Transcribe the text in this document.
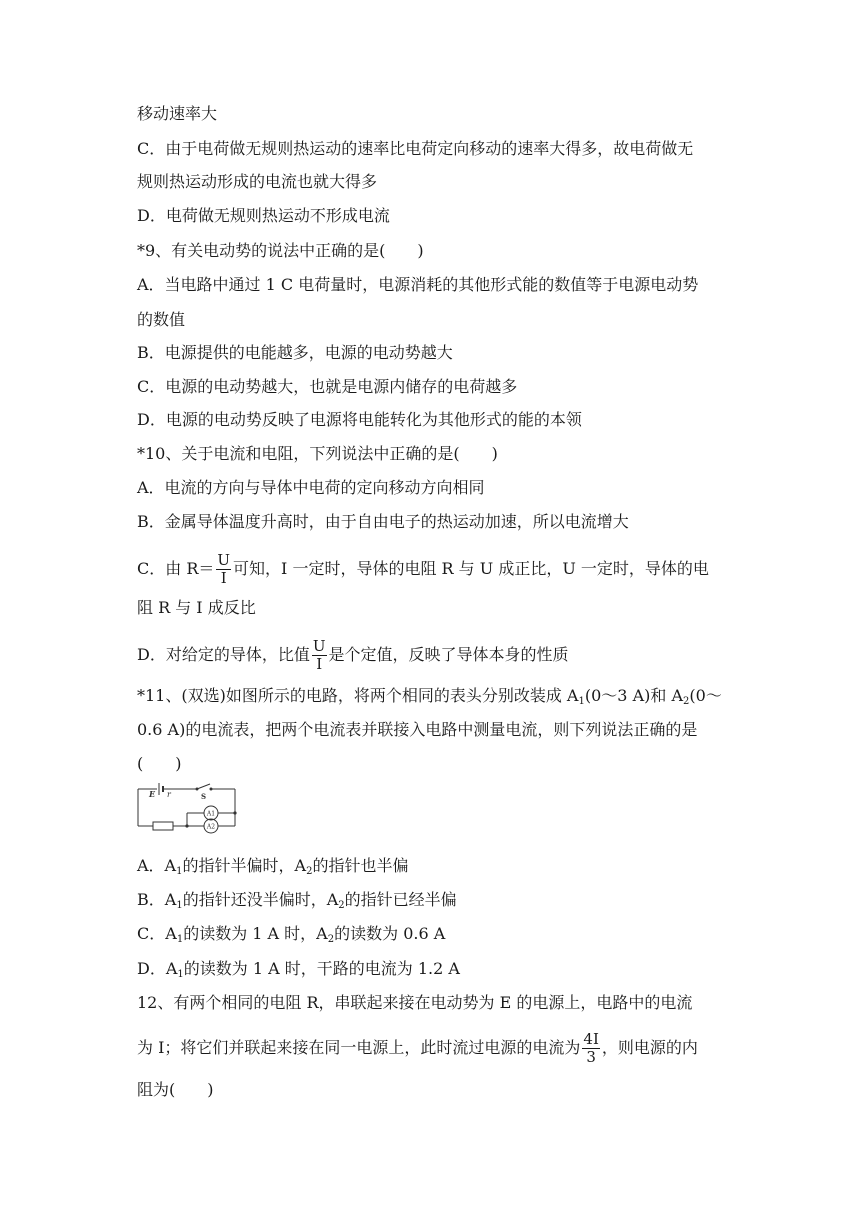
移动速率大
C．由于电荷做无规则热运动的速率比电荷定向移动的速率大得多，故电荷做无
规则热运动形成的电流也就大得多
D．电荷做无规则热运动不形成电流
*9、有关电动势的说法中正确的是(　　)
A．当电路中通过 1 C 电荷量时，电源消耗的其他形式能的数值等于电源电动势
的数值
B．电源提供的电能越多，电源的电动势越大
C．电源的电动势越大，也就是电源内储存的电荷越多
D．电源的电动势反映了电源将电能转化为其他形式的能的本领
*10、关于电流和电阻，下列说法中正确的是(　　)
A．电流的方向与导体中电荷的定向移动方向相同
B．金属导体温度升高时，由于自由电子的热运动加速，所以电流增大
C．由 $R= \frac{U}{I}$ 可知，I 一定时，导体的电阻 R 与 U 成正比，U 一定时，导体的电
阻 R 与 I 成反比
D．对给定的导体，比值 $\frac{U}{I}$ 是个定值，反映了导体本身的性质
*11、(双选)如图所示的电路，将两个相同的表头分别改装成 $A_1(0\sim 3$ A)和 $A_2(0\sim$
0.6 A)的电流表，把两个电流表并联接入电路中测量电流，则下列说法正确的是
(　　)
A．$A_1$的指针半偏时，$A_2$的指针也半偏
B．$A_1$的指针还没半偏时，$A_2$的指针已经半偏
C．$A_1$的读数为 1 A 时，$A_2$的读数为 0.6 A
D．$A_1$的读数为 1 A 时，干路的电流为 1.2 A
12、有两个相同的电阻 R，串联起来接在电动势为 E 的电源上，电路中的电流
为 I；将它们并联起来接在同一电源上，此时流过电源的电流为 $\frac{4I}{3}$ ，则电源的内
阻为(　　)
E r	S
A1
A2
